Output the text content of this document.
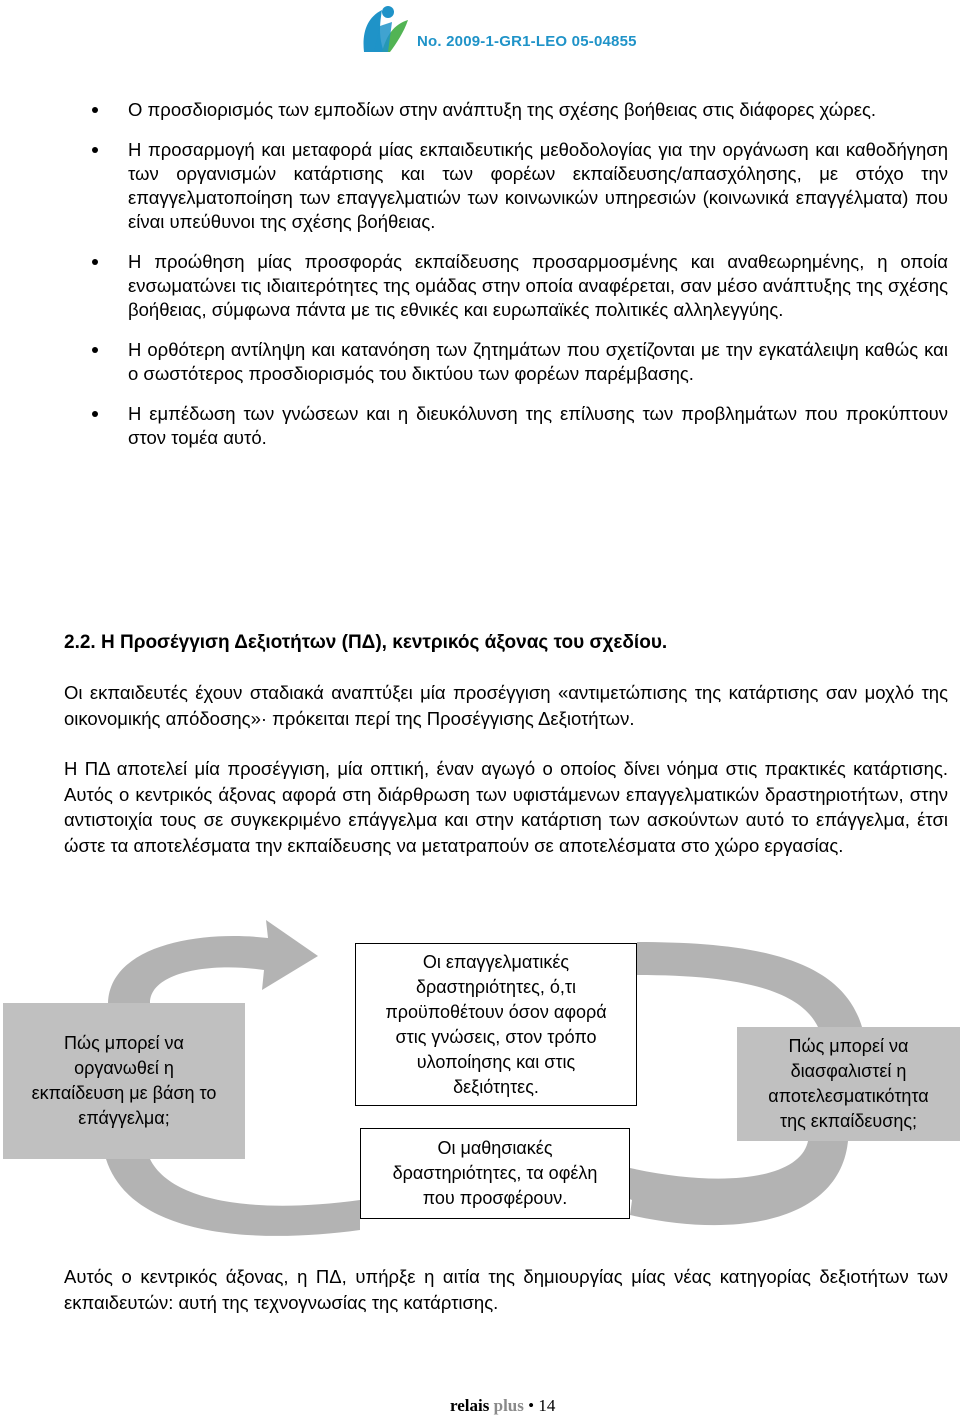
No. 2009-1-GR1-LEO 05-04855
Ο προσδιορισμός των εμποδίων στην ανάπτυξη της σχέσης βοήθειας στις διάφορες χώρες.
Η προσαρμογή και μεταφορά μίας εκπαιδευτικής μεθοδολογίας για την οργάνωση και καθοδήγηση των οργανισμών κατάρτισης και των φορέων εκπαίδευσης/απασχόλησης, με στόχο την επαγγελματοποίηση των επαγγελματιών των κοινωνικών υπηρεσιών (κοινωνικά επαγγέλματα) που είναι υπεύθυνοι της σχέσης βοήθειας.
Η προώθηση μίας προσφοράς εκπαίδευσης προσαρμοσμένης και αναθεωρημένης, η οποία ενσωματώνει τις ιδιαιτερότητες της ομάδας στην οποία αναφέρεται, σαν μέσο ανάπτυξης της σχέσης βοήθειας, σύμφωνα πάντα με τις εθνικές και ευρωπαϊκές πολιτικές αλληλεγγύης.
Η ορθότερη αντίληψη και κατανόηση των ζητημάτων που σχετίζονται με την εγκατάλειψη καθώς και ο σωστότερος προσδιορισμός του δικτύου των φορέων παρέμβασης.
Η εμπέδωση των γνώσεων και η διευκόλυνση της επίλυσης των προβλημάτων που προκύπτουν στον τομέα αυτό.
2.2. Η Προσέγγιση Δεξιοτήτων (ΠΔ), κεντρικός άξονας του σχεδίου.
Οι εκπαιδευτές έχουν σταδιακά αναπτύξει μία προσέγγιση «αντιμετώπισης της κατάρτισης σαν μοχλό της οικονομικής απόδοσης»· πρόκειται περί της Προσέγγισης Δεξιοτήτων.
Η ΠΔ αποτελεί μία προσέγγιση, μία οπτική, έναν αγωγό ο οποίος δίνει νόημα στις πρακτικές κατάρτισης. Αυτός ο κεντρικός άξονας αφορά στη διάρθρωση των υφιστάμενων επαγγελματικών δραστηριοτήτων, στην αντιστοιχία τους σε συγκεκριμένο επάγγελμα και στην κατάρτιση των ασκούντων αυτό το επάγγελμα, έτσι ώστε τα αποτελέσματα την εκπαίδευσης να μετατραπούν σε αποτελέσματα στο χώρο εργασίας.
Πώς μπορεί να
οργανωθεί η
εκπαίδευση με βάση το
επάγγελμα;
Οι επαγγελματικές
δραστηριότητες, ό,τι
προϋποθέτουν όσον αφορά
στις γνώσεις, στον τρόπο
υλοποίησης και στις
δεξιότητες.
Οι μαθησιακές
δραστηριότητες, τα οφέλη
που προσφέρουν.
Πώς μπορεί να
διασφαλιστεί η
αποτελεσματικότητα
της εκπαίδευσης;
Αυτός ο κεντρικός άξονας, η ΠΔ, υπήρξε η αιτία της δημιουργίας μίας νέας κατηγορίας δεξιοτήτων των εκπαιδευτών: αυτή της τεχνογνωσίας της κατάρτισης.
relais plus • 14
